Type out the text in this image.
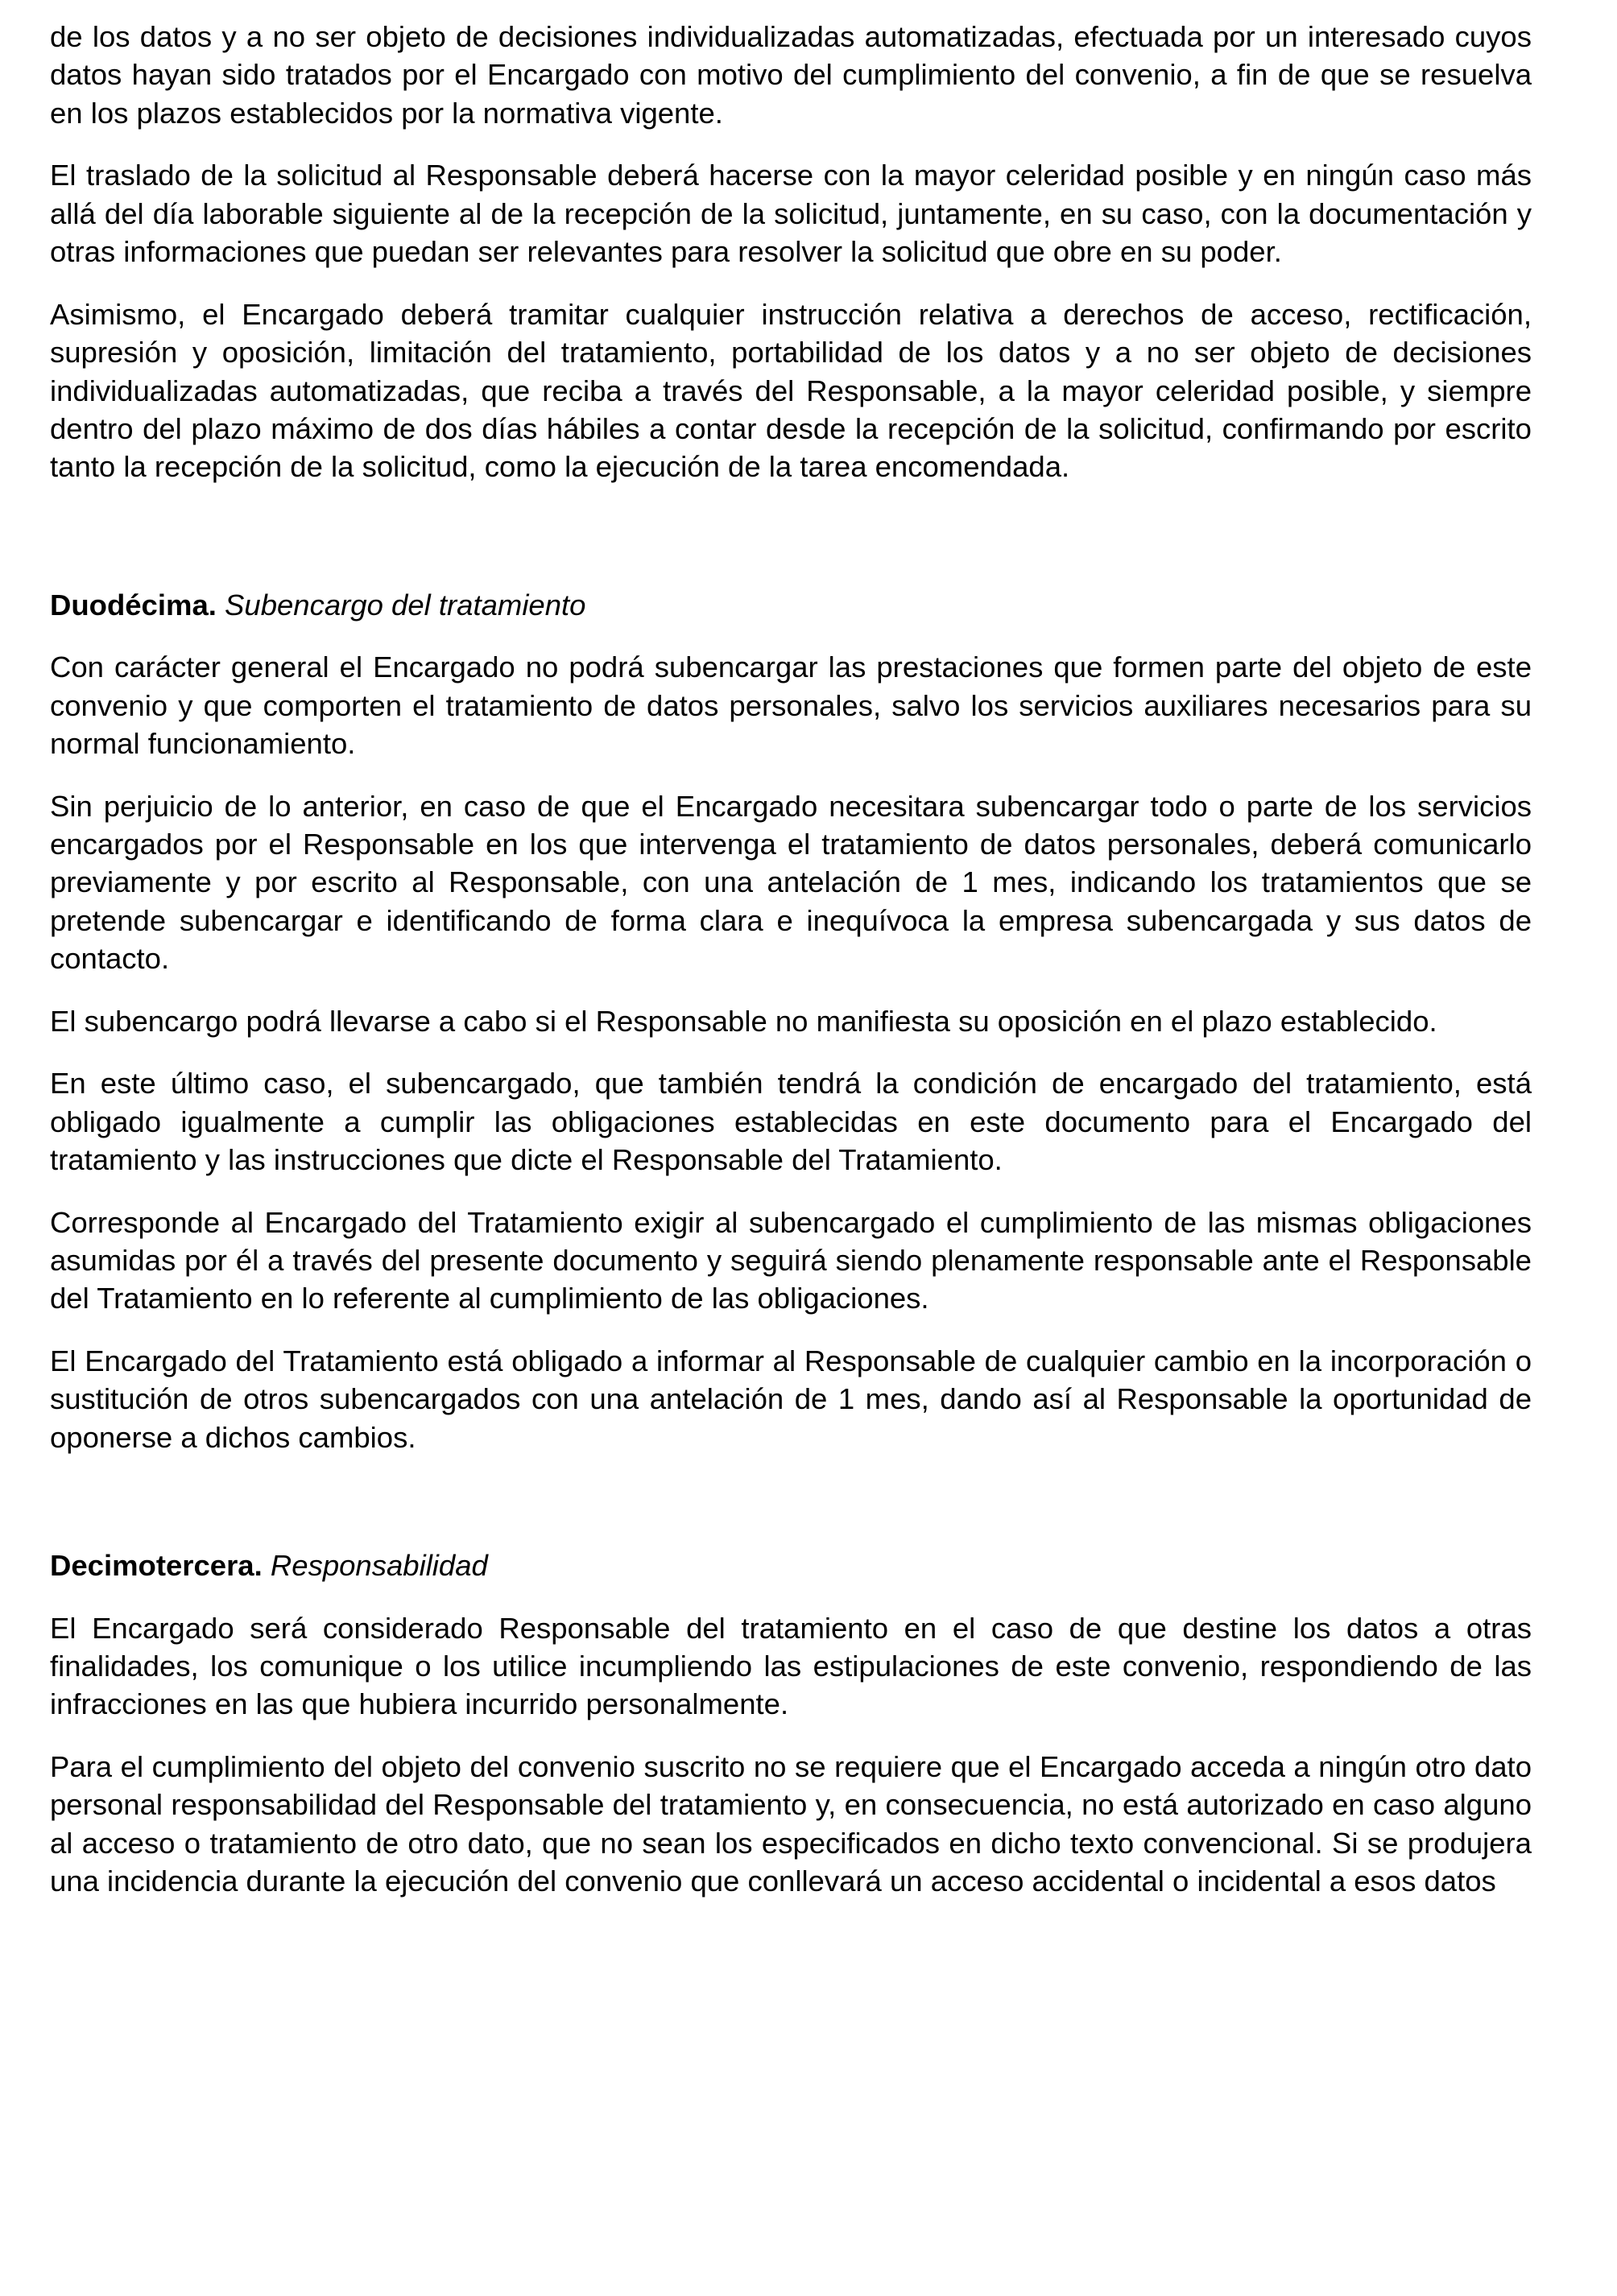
de los datos y a no ser objeto de decisiones individualizadas automatizadas, efectuada por un interesado cuyos datos hayan sido tratados por el Encargado con motivo del cumplimiento del convenio, a fin de que se resuelva en los plazos establecidos por la normativa vigente.

El traslado de la solicitud al Responsable deberá hacerse con la mayor celeridad posible y en ningún caso más allá del día laborable siguiente al de la recepción de la solicitud, juntamente, en su caso, con la documentación y otras informaciones que puedan ser relevantes para resolver la solicitud que obre en su poder.

Asimismo, el Encargado deberá tramitar cualquier instrucción relativa a derechos de acceso, rectificación, supresión y oposición, limitación del tratamiento, portabilidad de los datos y a no ser objeto de decisiones individualizadas automatizadas, que reciba a través del Responsable, a la mayor celeridad posible, y siempre dentro del plazo máximo de dos días hábiles a contar desde la recepción de la solicitud, confirmando por escrito tanto la recepción de la solicitud, como la ejecución de la tarea encomendada.

Duodécima. Subencargo del tratamiento

Con carácter general el Encargado no podrá subencargar las prestaciones que formen parte del objeto de este convenio y que comporten el tratamiento de datos personales, salvo los servicios auxiliares necesarios para su normal funcionamiento.

Sin perjuicio de lo anterior, en caso de que el Encargado necesitara subencargar todo o parte de los servicios encargados por el Responsable en los que intervenga el tratamiento de datos personales, deberá comunicarlo previamente y por escrito al Responsable, con una antelación de 1 mes, indicando los tratamientos que se pretende subencargar e identificando de forma clara e inequívoca la empresa subencargada y sus datos de contacto.

El subencargo podrá llevarse a cabo si el Responsable no manifiesta su oposición en el plazo establecido.

En este último caso, el subencargado, que también tendrá la condición de encargado del tratamiento, está obligado igualmente a cumplir las obligaciones establecidas en este documento para el Encargado del tratamiento y las instrucciones que dicte el Responsable del Tratamiento.

Corresponde al Encargado del Tratamiento exigir al subencargado el cumplimiento de las mismas obligaciones asumidas por él a través del presente documento y seguirá siendo plenamente responsable ante el Responsable del Tratamiento en lo referente al cumplimiento de las obligaciones.

El Encargado del Tratamiento está obligado a informar al Responsable de cualquier cambio en la incorporación o sustitución de otros subencargados con una antelación de 1 mes, dando así al Responsable la oportunidad de oponerse a dichos cambios.

Decimotercera. Responsabilidad

El Encargado será considerado Responsable del tratamiento en el caso de que destine los datos a otras finalidades, los comunique o los utilice incumpliendo las estipulaciones de este convenio, respondiendo de las infracciones en las que hubiera incurrido personalmente.

Para el cumplimiento del objeto del convenio suscrito no se requiere que el Encargado acceda a ningún otro dato personal responsabilidad del Responsable del tratamiento y, en consecuencia, no está autorizado en caso alguno al acceso o tratamiento de otro dato, que no sean los especificados en dicho texto convencional. Si se produjera una incidencia durante la ejecución del convenio que conllevará un acceso accidental o incidental a esos datos
